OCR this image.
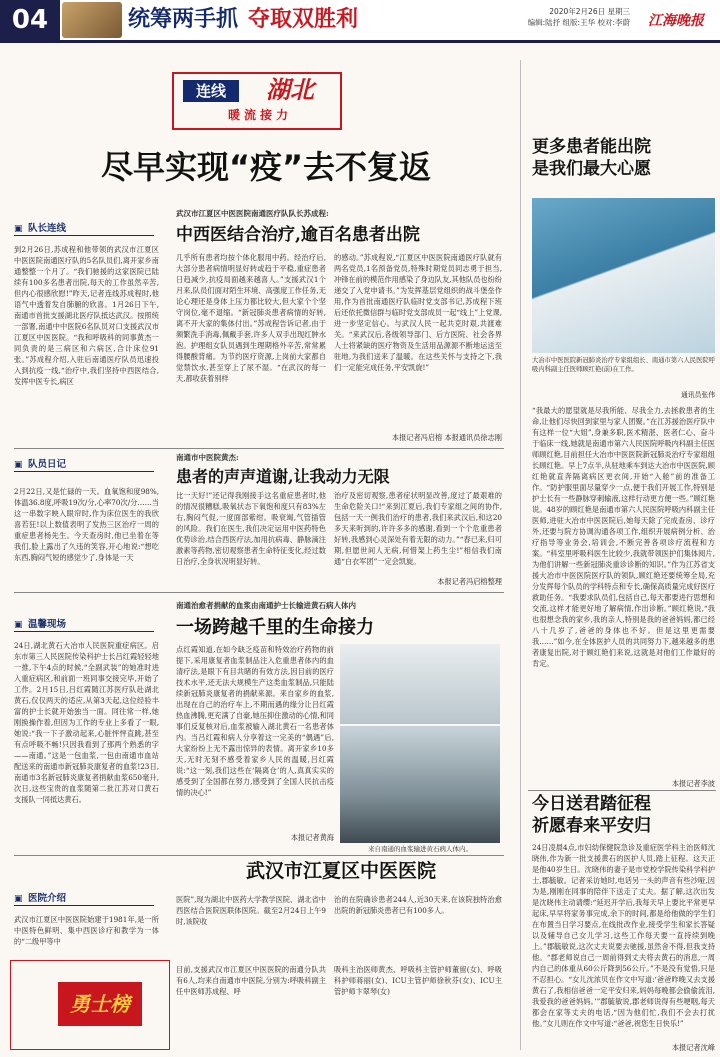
04	统筹两手抓 夺取双胜利	2020年2月26日 星期三
编辑:陆抒 组版:王华 校对:李蔚	江海晚报
连线	湖北
暖流接力
尽早实现“疫”去不复返
▣ 队长连线
武汉市江夏区中医医院南通医疗队队长苏成程:
中西医结合治疗,逾百名患者出院
到2月26日,苏成程和他带领的武汉市江夏区中医医院南通医疗队的5名队员们,离开家乡南通整整一个月了。“我们驰援的这家医院已陆续有100多名患者出院,每天的工作虽然辛苦,但内心很感欣慰!”昨天,记者连线苏成程时,他语气中透着发自肺腑的欣喜。1月26日下午,南通市首批支援湖北医疗队抵达武汉。按照统一部署,南通中中医院6名队员对口支援武汉市江夏区中医医院。“我和呼吸科的同事黄杰一同负责的是三病区和六病区,合计床位91张。”苏成程介绍,入驻后南通医疗队员迅速投入到抗疫一线,“治疗中,我们坚持中西医结合,发挥中医专长,病区
几乎所有患者均按个体化服用中药。经治疗后,大部分患者病情明显好转或趋于平稳,重症患者日趋减少,抗疫局面越来越喜人。”支援武汉1个月来,队员们面对陌生环境、高强度工作任务,无论心理还是身体上压力都比较大,但大家个个坚守岗位,毫不退缩。“新冠肺炎患者病情的好转,离不开大家的集体付出。”苏成程告诉记者,由于频繁洗手消毒,佩戴手套,许多人双手出现红肿水泡。护理组女队员遇到生理期格外辛苦,常常累得腰酸背痛。为节约医疗资源,上岗前大家都自觉禁饮水,甚至穿上了尿不湿。“在武汉的每一天,都收获着别样
的感动。”苏成程说,“江夏区中医医院南通医疗队就有两名党员,1名预备党员,特殊时期党员同志勇于担当,冲锋在前的模范作用感染了身边队友,其他队员也纷纷递交了入党申请书。”为发挥基层党组织的战斗堡垒作用,作为首批南通医疗队临时党支部书记,苏成程下班后还依托微信群与临时党支部成员一起“线上”上党课,进一步坚定信心。与武汉人民一起共克时艰,共渡难关。“来武汉后,各级领导部门、后方医院、社会各界人士将紧缺的医疗物资及生活用品源源不断地运送至驻地,为我们送来了温暖。在这些关怀与支持之下,我们一定能完成任务,平安凯旋!”
本报记者冯启榕 本报通讯员徐志刚
▣ 队员日记
南通市中医院黄杰:
患者的声声道谢,让我动力无限
2月22日,又是忙碌的一天。血氧饱和度98%,体温36.8度,呼吸19次/分,心率70次/分……当这一串数字映入眼帘时,作为床位医生的我欣喜若狂!以上数值表明了发热三区治疗一周的重症患者杨先生。今天查房时,他已坐着在等我们,脸上露出了久违的笑容,开心地说:“想吃东西,胸闷气短的感觉少了,身体是一天
比一天好!”还记得我刚接手这名重症患者时,他的情况很糟糕,吸氧状态下氧饱和度只有83%左右,胸闷气促,一度面部紫绀。吸衰竭,气管插管的风险。我们在医生,我们决定运用中医药特色优势诊治,结合西医疗法,加用抗病毒、静脉滴注激素等药物,密切观察患者生命特征变化,经过数日治疗,全身状况明显好转。
治疗及密切观察,患者症状明显改善,度过了最艰难的生命危险关口!“来到江夏后,我们专家组之间的协作,包括一天一例我们治疗的患者,我们来武汉后,和这20多天来听到的,许许多多的感谢,看到一个个危重患者好转,我感到心灵深处有着无限的动力。”“春已来,归可期,但愿世间人无病,何惜架上药生尘!”相信我们南通“白衣军团”一定会凯旋。
本报记者冯启榕整理
▣ 温馨现场
南通治愈者捐献的血浆由南通护士长输进黄石病人体内
一场跨越千里的生命接力
24日,湖北黄石大冶市人民医院重症病区。启东市第三人民医院传染科护士长吕红霞轻轻地一推,下午4点的时候,“全副武装”的她准时进入重症病区,和前面一班同事交接完毕,开始了工作。2月15日,吕红霞随江苏医疗队赴湖北黄石,仅仅两天的适应,从第3天起,这位经验丰富的护士长就开始独当一面。同往常一样,她刚换操作着,但因为工作的专业上多看了一眼,她说:“我一下子激动起来,心脏怦怦直跳,甚至有点呼吸不畅!只因我看到了那两个熟悉的字——南通。”这是一包血浆,一包由南通市血站配送来的南通市新冠肺炎康复者的血浆!23日,南通市3名新冠肺炎康复者捐献血浆650毫升,次日,这些宝贵的血浆随第二批江苏对口黄石支援队一同抵达黄石。
点红霞知道,在如今缺乏疫苗和特效治疗药物的前提下,采用康复者血浆制品注入危重患者体内的血清疗法,是眼下有目共睹的有效方法,因目前的医疗技术水平,还无法大规模生产这类血浆制品,只能陆续新冠肺炎康复者的捐献来源。来自家乡的血浆,出现在自己的治疗车上,不期而遇的缘分让吕红霞热血沸腾,更充满了自豪,她压抑住激动的心情,和同事们反复核对后,血浆被输入湖北黄石一名患者体内。当吕红霞和病人分享着这一完美的“偶遇”后,大家纷纷上无不露出惊异的表情。离开家乡10多天,无时无刻不感受着家乡人民的温暖,吕红霞说:“这一刻,我们这些在‘隔离仓’的人,真真实实的感受到了全国都在努力,感受到了全国人民抗击疫情的决心!”
本报记者黄海
来自南通的血浆输进黄石病人体内。
▣ 医院介绍
武汉市江夏区中医医院
武汉市江夏区中医医院始建于1981年,是一所中医特色鲜明、集中西医诊疗和教学为一体的“二级甲等中
医院”,现为湖北中医药大学教学医院、湖北省中西医结合医院医联体医院。截至2月24日上午9时,该院收
治的在院确诊患者244人,近30天来,在该院独特治愈出院的新冠肺炎患者已有100多人。
目前,支援武汉市江夏区中医医院的南通分队共有6人,均来自南通市中医院,分别为:呼吸科副主任中医师苏成程、呼
吸科主治医师黄杰、呼吸科主管护师董留(女)、呼吸科护师蒋丽(女)、ICU主管护师徐秋芬(女)、ICU主管护师卞翠琴(女)
勇士榜
更多患者能出院
是我们最大心愿
大冶市中医医院新冠肺炎治疗专家组组长、南通市第六人民医院呼吸内科副主任医师顾红艳(前)在工作。
通讯员张伟
“我最大的愿望就是尽我所能、尽我全力,去拯救患者的生命,让他们尽快回到家里与家人团聚。”在江苏援治医疗队中有这样一位“大姐”,身兼多职,医术精湛、医者仁心、奋斗于临床一线,她就是南通市第六人民医院呼吸内科副主任医师顾红艳,目前担任大冶市中医医院新冠肺炎治疗专家组组长顾红艳。早上7点半,从驻地乘车到达大冶市中医医院,顾红艳就直奔隔离病区更衣间,开始“入舱”前的准备工作。“防护服里面尽量穿少一点,便于我们开展工作,特别是护士长有一些静脉穿刺输液,这样行动更方便一些。”顾红艳说。48岁的顾红艳是南通市第六人民医院呼吸内科副主任医师,进驻大冶市中医医院后,她每天除了完成查房、诊疗外,还要与院方协调沟通各项工作,组织开展病例分析、治疗指导等业务会,培训会,不断完善各项诊疗流程和方案。“科室里呼吸科医生比较少,我就带领医护们集体阅片,为他们讲解一些新冠肺炎重诊诊断的知识。”作为江苏省支援大冶市中医医院医疗队的领队,顾红艳还要统筹全局,充分发挥每个队员的学科特点和专长,确保高质量完成好医疗救助任务。“我要求队员们,包括自己,每天都要进行思想和交流,这样才能更好地了解病情,作出诊断。”顾红艳说,“我也很想念我的家乡,我的亲人,特别是我的爸爸妈妈,都已经八十几岁了,爸爸的身体也不好。但是这里更需要我……”如今,在全体医护人员的共同努力下,越来越多的患者康复出院,对于顾红艳们来说,这就是对他们工作最好的肯定。
本报记者李波
今日送君踏征程
祈愿春来平安归
24日凌晨4点,市妇幼保健院急诊及重症医学科主治医师沈晓伟,作为新一批支援黄石的医护人员,踏上征程。这天正是他40岁生日。沈晓伟的妻子是市党校学院传染科学科护士,郡毓敏。记者采访她时,电话另一头的声音有些沙哑,因为是,刚刚在同事的陪伴下送走了丈夫。据了解,这次出发是沈晓伟主动请缨:“延迟开学后,我每天早上要比平常更早起床,早早将家务事完成,余下的时间,都是给他做的学生们在布置当日学习要点,在线批改作业,接受学生和家长答疑以及辅导自己女儿学习,这些工作每天要一直持续到晚上。”郡毓敏说,这次丈夫说要去驰援,虽然舍不得,但我支持他。“郡老师说自己一周前得到丈夫将去黄石的消息,一周内自己的体重从60公斤降到56公斤。”不是没有觉悟,只是不忍担心。“女儿沈浓贝在作文中写道:‘爸爸昨晚又去支援黄石了,我相信爸爸一定平安归来,妈妈每晚都会偷偷流泪,我爱我的爸爸妈妈。’”郡毓敏说,郡老师说得有些哽咽,每天都会在家等丈夫的电话,“因为他们忙,我们不会去打扰他。”女儿则在作文中写道:“爸爸,祝您生日快乐!”
本报记者沈峰
